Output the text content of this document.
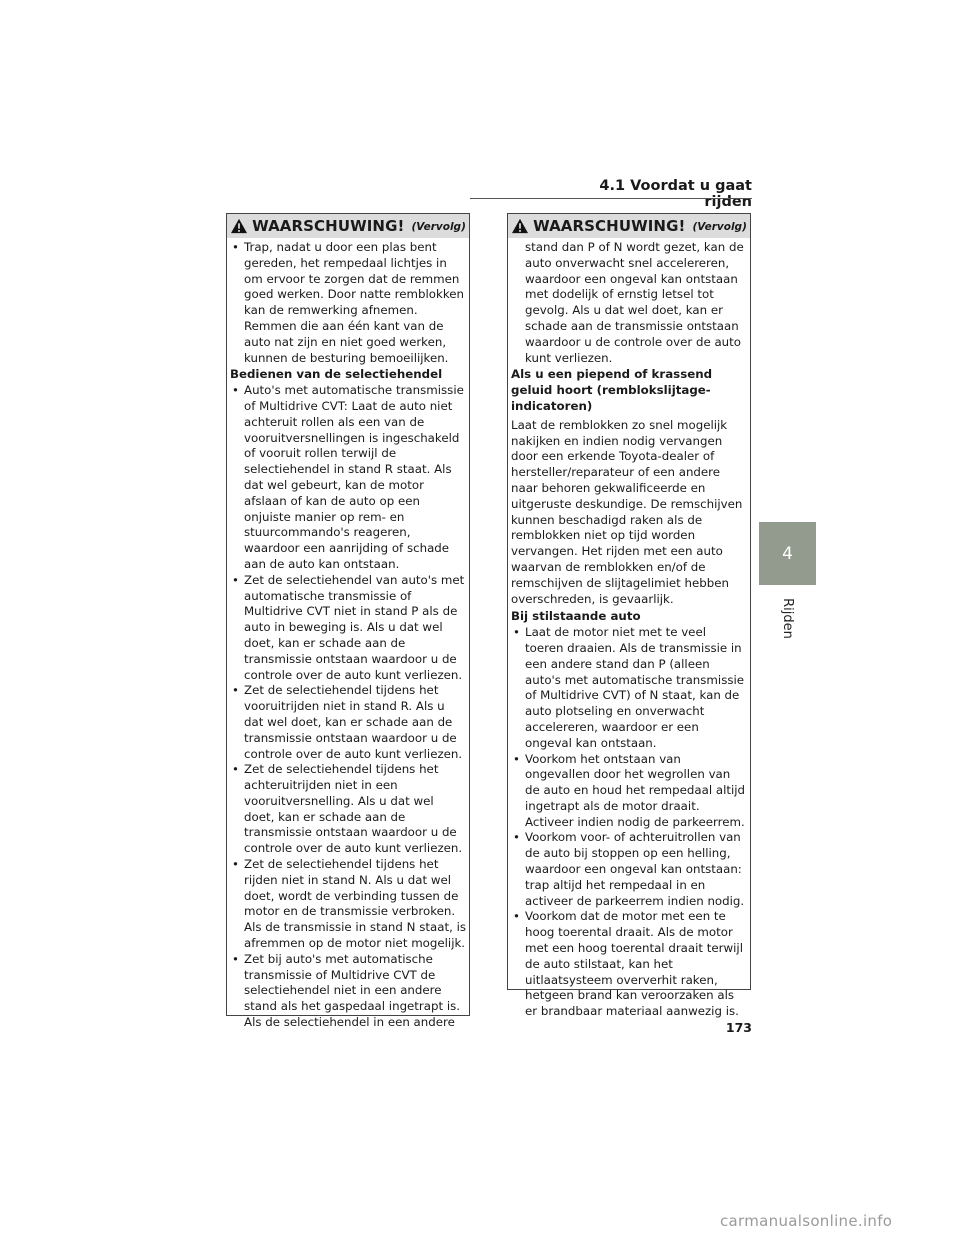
4.1 Voordat u gaat rijden
WAARSCHUWING! (Vervolg)
• Trap, nadat u door een plas bent gereden, het rempedaal lichtjes in om ervoor te zorgen dat de remmen goed werken. Door natte remblokken kan de remwerking afnemen. Remmen die aan één kant van de auto nat zijn en niet goed werken, kunnen de besturing bemoeilijken.
Bedienen van de selectiehendel
• Auto's met automatische transmissie of Multidrive CVT: Laat de auto niet achteruit rollen als een van de vooruitversnellingen is ingeschakeld of vooruit rollen terwijl de selectiehendel in stand R staat. Als dat wel gebeurt, kan de motor afslaan of kan de auto op een onjuiste manier op rem- en stuurcommando's reageren, waardoor een aanrijding of schade aan de auto kan ontstaan.
• Zet de selectiehendel van auto's met automatische transmissie of Multidrive CVT niet in stand P als de auto in beweging is. Als u dat wel doet, kan er schade aan de transmissie ontstaan waardoor u de controle over de auto kunt verliezen.
• Zet de selectiehendel tijdens het vooruitrijden niet in stand R. Als u dat wel doet, kan er schade aan de transmissie ontstaan waardoor u de controle over de auto kunt verliezen.
• Zet de selectiehendel tijdens het achteruitrijden niet in een vooruitversnelling. Als u dat wel doet, kan er schade aan de transmissie ontstaan waardoor u de controle over de auto kunt verliezen.
• Zet de selectiehendel tijdens het rijden niet in stand N. Als u dat wel doet, wordt de verbinding tussen de motor en de transmissie verbroken. Als de transmissie in stand N staat, is afremmen op de motor niet mogelijk.
• Zet bij auto's met automatische transmissie of Multidrive CVT de selectiehendel niet in een andere stand als het gaspedaal ingetrapt is. Als de selectiehendel in een andere
WAARSCHUWING! (Vervolg)
stand dan P of N wordt gezet, kan de auto onverwacht snel accelereren, waardoor een ongeval kan ontstaan met dodelijk of ernstig letsel tot gevolg. Als u dat wel doet, kan er schade aan de transmissie ontstaan waardoor u de controle over de auto kunt verliezen.
Als u een piepend of krassend geluid hoort (remblokslijtage-indicatoren)
Laat de remblokken zo snel mogelijk nakijken en indien nodig vervangen door een erkende Toyota-dealer of hersteller/reparateur of een andere naar behoren gekwalificeerde en uitgeruste deskundige. De remschijven kunnen beschadigd raken als de remblokken niet op tijd worden vervangen. Het rijden met een auto waarvan de remblokken en/of de remschijven de slijtagelimiet hebben overschreden, is gevaarlijk.
Bij stilstaande auto
• Laat de motor niet met te veel toeren draaien. Als de transmissie in een andere stand dan P (alleen auto's met automatische transmissie of Multidrive CVT) of N staat, kan de auto plotseling en onverwacht accelereren, waardoor er een ongeval kan ontstaan.
• Voorkom het ontstaan van ongevallen door het wegrollen van de auto en houd het rempedaal altijd ingetrapt als de motor draait. Activeer indien nodig de parkeerrem.
• Voorkom voor- of achteruitrollen van de auto bij stoppen op een helling, waardoor een ongeval kan ontstaan: trap altijd het rempedaal in en activeer de parkeerrem indien nodig.
• Voorkom dat de motor met een te hoog toerental draait. Als de motor met een hoog toerental draait terwijl de auto stilstaat, kan het uitlaatsysteem oververhit raken, hetgeen brand kan veroorzaken als er brandbaar materiaal aanwezig is.
4
Rijden
173
carmanualsonline.info
